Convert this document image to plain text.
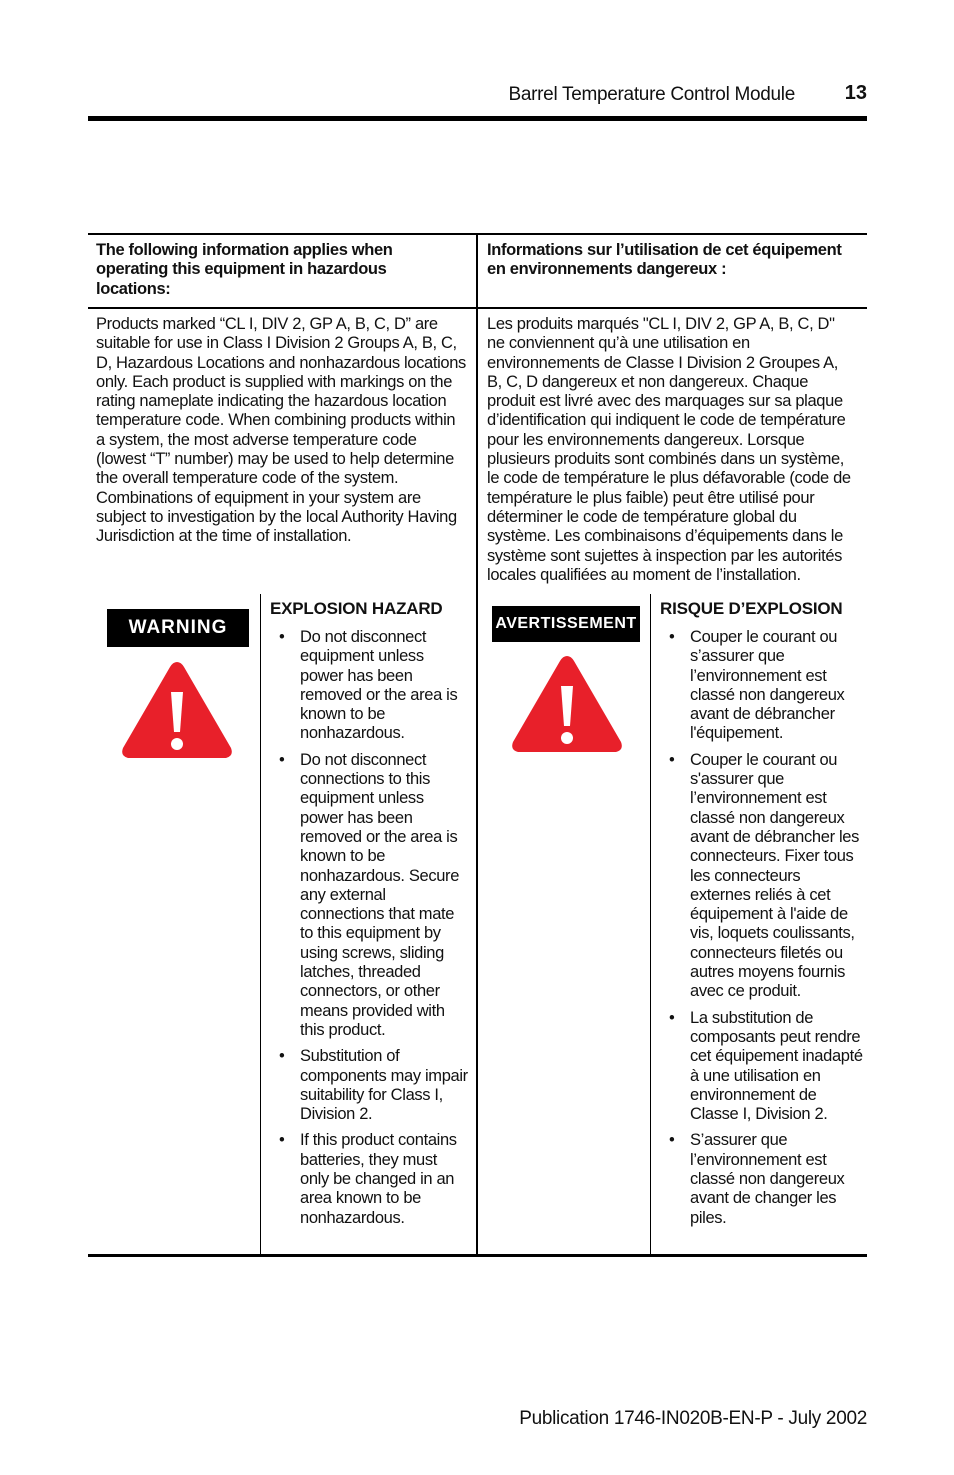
Barrel Temperature Control Module 13
The following information applies when operating this equipment in hazardous locations:
Informations sur l’utilisation de cet équipement en environnements dangereux :
Products marked “CL I, DIV 2, GP A, B, C, D” are suitable for use in Class I Division 2 Groups A, B, C, D, Hazardous Locations and nonhazardous locations only. Each product is supplied with markings on the rating nameplate indicating the hazardous location temperature code. When combining products within a system, the most adverse temperature code (lowest “T” number) may be used to help determine the overall temperature code of the system. Combinations of equipment in your system are subject to investigation by the local Authority Having Jurisdiction at the time of installation.
Les produits marqués "CL I, DIV 2, GP A, B, C, D" ne conviennent qu’à une utilisation en environnements de Classe I Division 2 Groupes A, B, C, D dangereux et non dangereux. Chaque produit est livré avec des marquages sur sa plaque d’identification qui indiquent le code de température pour les environnements dangereux. Lorsque plusieurs produits sont combinés dans un système, le code de température le plus défavorable (code de température le plus faible) peut être utilisé pour déterminer le code de température global du système. Les combinaisons d’équipements dans le système sont sujettes à inspection par les autorités locales qualifiées au moment de l’installation.
WARNING
EXPLOSION HAZARD
• Do not disconnect equipment unless power has been removed or the area is known to be nonhazardous.
• Do not disconnect connections to this equipment unless power has been removed or the area is known to be nonhazardous. Secure any external connections that mate to this equipment by using screws, sliding latches, threaded connectors, or other means provided with this product.
• Substitution of components may impair suitability for Class I, Division 2.
• If this product contains batteries, they must only be changed in an area known to be nonhazardous.
AVERTISSEMENT
RISQUE D’EXPLOSION
• Couper le courant ou s’assurer que l’environnement est classé non dangereux avant de débrancher l'équipement.
• Couper le courant ou s'assurer que l’environnement est classé non dangereux avant de débrancher les connecteurs. Fixer tous les connecteurs externes reliés à cet équipement à l'aide de vis, loquets coulissants, connecteurs filetés ou autres moyens fournis avec ce produit.
• La substitution de composants peut rendre cet équipement inadapté à une utilisation en environnement de Classe I, Division 2.
• S’assurer que l’environnement est classé non dangereux avant de changer les piles.
Publication 1746-IN020B-EN-P - July 2002
